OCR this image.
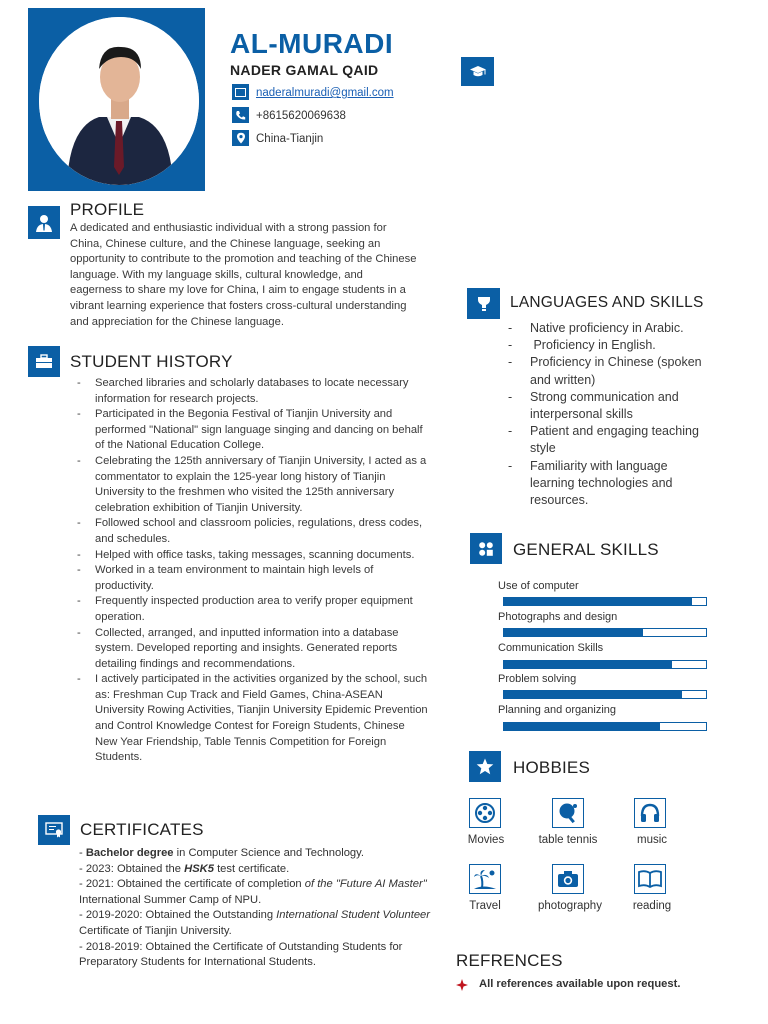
AL-MURADI
NADER GAMAL QAID
naderalmuradi@gmail.com
+8615620069638
China-Tianjin
PROFILE
A dedicated and enthusiastic individual with a strong passion for China, Chinese culture, and the Chinese language, seeking an opportunity to contribute to the promotion and teaching of the Chinese language. With my language skills, cultural knowledge, and eagerness to share my love for China, I aim to engage students in a vibrant learning experience that fosters cross-cultural understanding and appreciation for the Chinese language.
STUDENT HISTORY
- Searched libraries and scholarly databases to locate necessary information for research projects.
- Participated in the Begonia Festival of Tianjin University and performed "National" sign language singing and dancing on behalf of the National Education College.
- Celebrating the 125th anniversary of Tianjin University, I acted as a commentator to explain the 125-year long history of Tianjin University to the freshmen who visited the 125th anniversary celebration exhibition of Tianjin University.
- Followed school and classroom policies, regulations, dress codes, and schedules.
- Helped with office tasks, taking messages, scanning documents.
- Worked in a team environment to maintain high levels of productivity.
- Frequently inspected production area to verify proper equipment operation.
- Collected, arranged, and inputted information into a database system. Developed reporting and insights. Generated reports detailing findings and recommendations.
- I actively participated in the activities organized by the school, such as: Freshman Cup Track and Field Games, China-ASEAN University Rowing Activities, Tianjin University Epidemic Prevention and Control Knowledge Contest for Foreign Students, Chinese New Year Friendship, Table Tennis Competition for Foreign Students.
CERTIFICATES
- Bachelor degree in Computer Science and Technology.
- 2023: Obtained the HSK5 test certificate.
- 2021: Obtained the certificate of completion of the "Future AI Master" International Summer Camp of NPU.
- 2019-2020: Obtained the Outstanding International Student Volunteer Certificate of Tianjin University.
- 2018-2019: Obtained the Certificate of Outstanding Students for Preparatory Students for International Students.
LANGUAGES AND SKILLS
- Native proficiency in Arabic.
-  Proficiency in English.
- Proficiency in Chinese (spoken and written)
- Strong communication and interpersonal skills
- Patient and engaging teaching style
- Familiarity with language learning technologies and resources.
GENERAL SKILLS
Use of computer
Photographs and design
Communication Skills
Problem solving
Planning and organizing
HOBBIES
Movies	table tennis	music
Travel	photography	reading
REFRENCES
All references available upon request.
